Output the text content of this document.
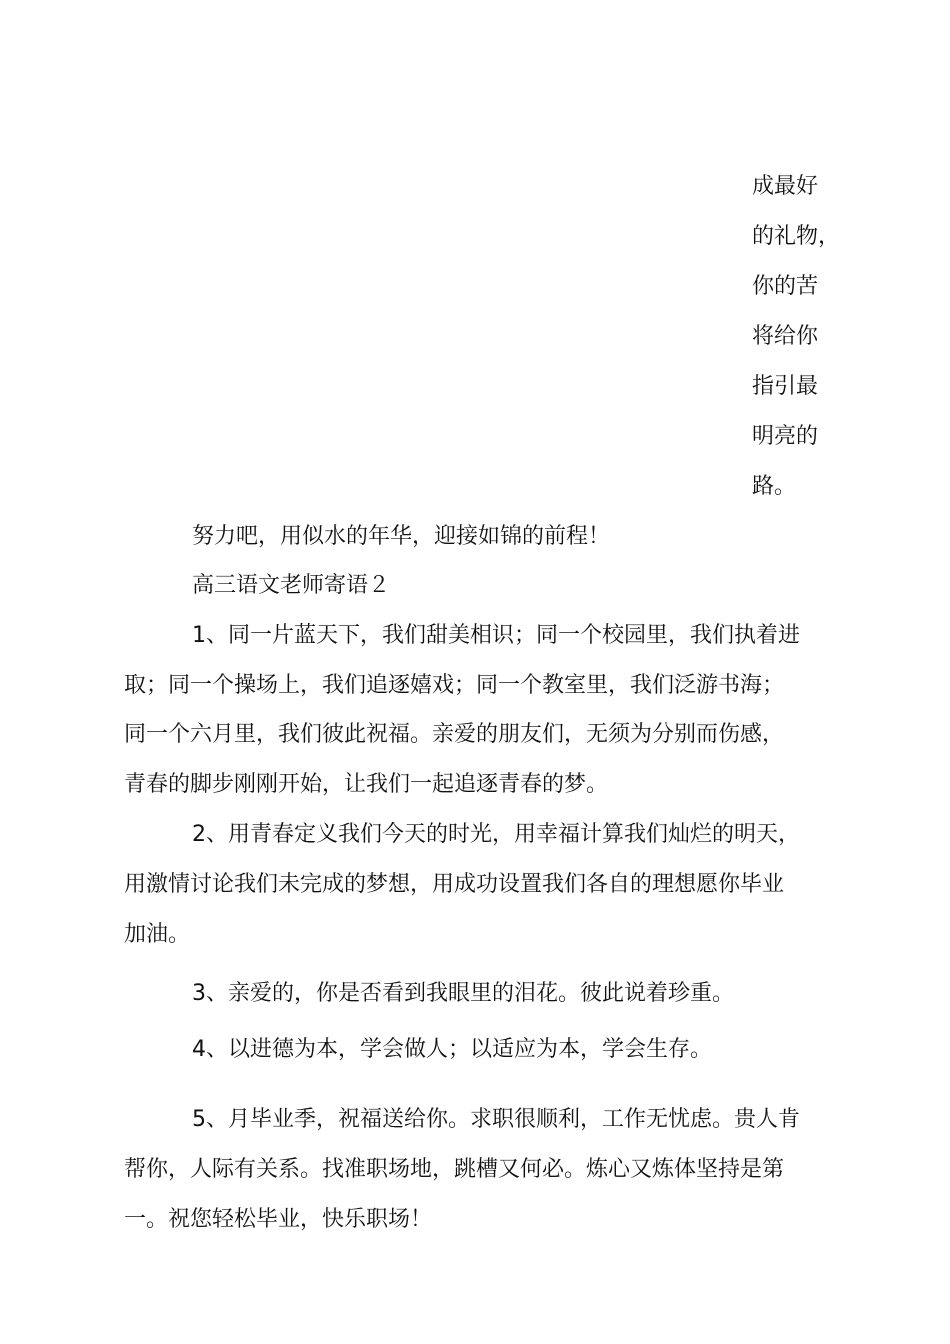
成最好
的礼物，
你的苦
将给你
指引最
明亮的
路。
努力吧，用似水的年华，迎接如锦的前程！
高三语文老师寄语２
1、同一片蓝天下，我们甜美相识；同一个校园里，我们执着进
取；同一个操场上，我们追逐嬉戏；同一个教室里，我们泛游书海；
同一个六月里，我们彼此祝福。亲爱的朋友们，无须为分别而伤感，
青春的脚步刚刚开始，让我们一起追逐青春的梦。
2、用青春定义我们今天的时光，用幸福计算我们灿烂的明天，
用激情讨论我们未完成的梦想，用成功设置我们各自的理想愿你毕业
加油。
3、亲爱的，你是否看到我眼里的泪花。彼此说着珍重。
4、以进德为本，学会做人；以适应为本，学会生存。
5、月毕业季，祝福送给你。求职很顺利，工作无忧虑。贵人肯
帮你，人际有关系。找准职场地，跳槽又何必。炼心又炼体坚持是第
一。祝您轻松毕业，快乐职场！
